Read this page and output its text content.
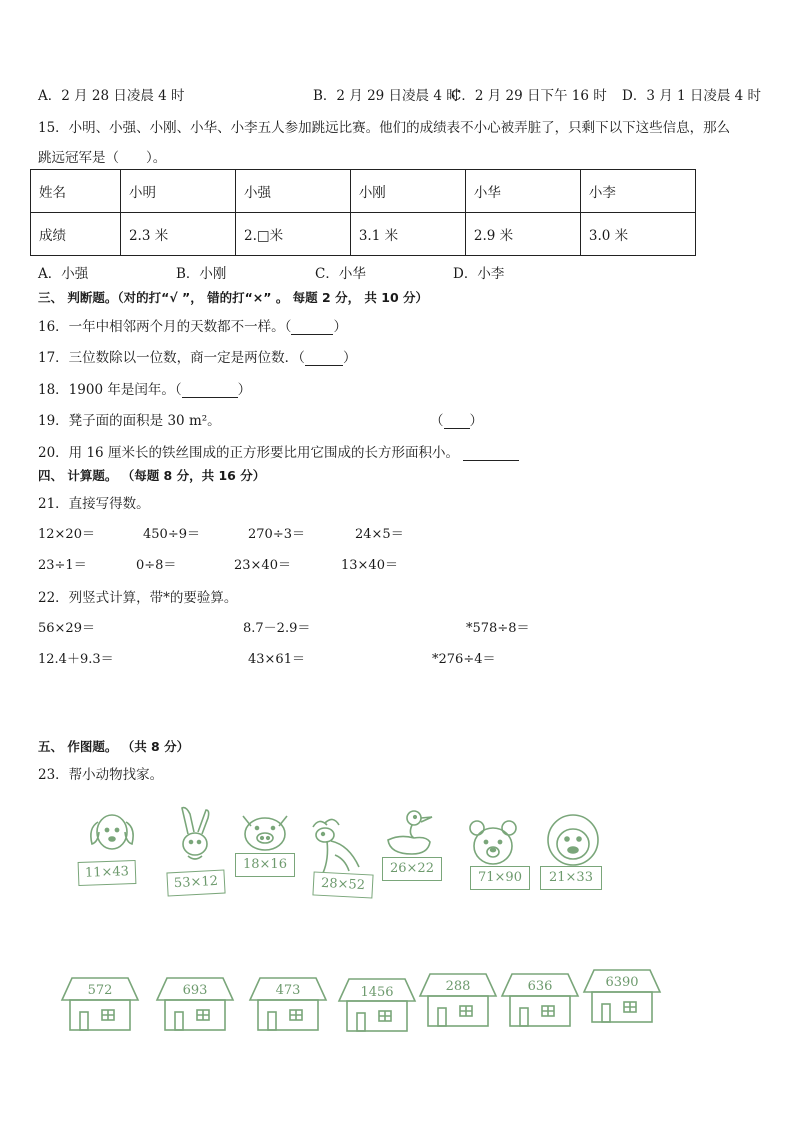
A．2 月 28 日凌晨 4 时	B．2 月 29 日凌晨 4 时
C．2 月 29 日下午 16 时 D．3 月 1 日凌晨 4 时
15．小明、小强、小刚、小华、小李五人参加跳远比赛。他们的成绩表不小心被弄脏了，只剩下以下这些信息，那么
跳远冠军是（　　）。
姓名	小明	小强	小刚	小华	小李
成绩	2.3 米	2.□米	3.1 米	2.9 米	3.0 米
A．小强	B．小刚	C．小华	D．小李
三、 判断题。（对的打“√ ”， 错的打“×” 。 每题 2 分， 共 10 分）
16．一年中相邻两个月的天数都不一样。（	）
17．三位数除以一位数，商一定是两位数．（	）
18．1900 年是闰年。（	）
19．凳子面的面积是 30 m²。	（ ）
20．用 16 厘米长的铁丝围成的正方形要比用它围成的长方形面积小。
四、 计算题。 （每题 8 分，共 16 分）
21．直接写得数。
12×20＝	450÷9＝	270÷3＝	24×5＝
23÷1＝	0÷8＝	23×40＝	13×40＝
22．列竖式计算，带*的要验算。
56×29＝	8.7－2.9＝	*578÷8＝
12.4＋9.3＝	43×61＝	*276÷4＝
五、 作图题。 （共 8 分）
23．帮小动物找家。
11×43
53×12
18×16
28×52
26×22
71×90	21×33
572	693	473	1456	288	636	6390
